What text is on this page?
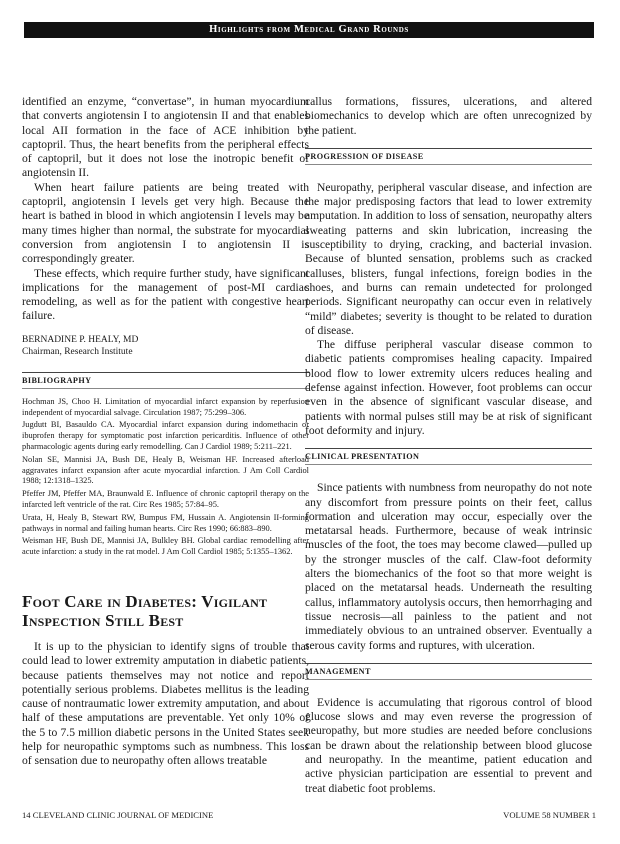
Highlights from Medical Grand Rounds

identified an enzyme, “convertase”, in human myocardium that converts angiotensin I to angiotensin II and that enables local AII formation in the face of ACE inhibition by captopril. Thus, the heart benefits from the peripheral effects of captopril, but it does not lose the inotropic benefit of angiotensin II.

When heart failure patients are being treated with captopril, angiotensin I levels get very high. Because the heart is bathed in blood in which angiotensin I levels may be many times higher than normal, the substrate for myocardial conversion from angiotensin I to angiotensin II is correspondingly greater.

These effects, which require further study, have significant implications for the management of post-MI cardiac remodeling, as well as for the patient with congestive heart failure.

BERNADINE P. HEALY, MD
Chairman, Research Institute
BIBLIOGRAPHY
Hochman JS, Choo H. Limitation of myocardial infarct expansion by reperfusion independent of myocardial salvage. Circulation 1987; 75:299–306.
Jugdutt BI, Basauldo CA. Myocardial infarct expansion during indomethacin or ibuprofen therapy for symptomatic post infarction pericarditis. Influence of other pharmacologic agents during early remodelling. Can J Cardiol 1989; 5:211–221.
Nolan SE, Mannisi JA, Bush DE, Healy B, Weisman HF. Increased afterload aggravates infarct expansion after acute myocardial infarction. J Am Coll Cardiol 1988; 12:1318–1325.
Pfeffer JM, Pfeffer MA, Braunwald E. Influence of chronic captopril therapy on the infarcted left ventricle of the rat. Circ Res 1985; 57:84–95.
Urata, H, Healy B, Stewart RW, Bumpus FM, Hussain A. Angiotensin II-forming pathways in normal and failing human hearts. Circ Res 1990; 66:883–890.
Weisman HF, Bush DE, Mannisi JA, Bulkley BH. Global cardiac remodelling after acute infarction: a study in the rat model. J Am Coll Cardiol 1985; 5:1355–1362.
Foot Care in Diabetes: Vigilant
Inspection Still Best

It is up to the physician to identify signs of trouble that could lead to lower extremity amputation in diabetic patients, because patients themselves may not notice and report potentially serious problems. Diabetes mellitus is the leading cause of nontraumatic lower extremity amputation, and about half of these amputations are preventable. Yet only 10% of the 5 to 7.5 million diabetic persons in the United States seek help for neuropathic symptoms such as numbness. This loss of sensation due to neuropathy often allows treatable

callus formations, fissures, ulcerations, and altered biomechanics to develop which are often unrecognized by the patient.

PROGRESSION OF DISEASE

Neuropathy, peripheral vascular disease, and infection are the major predisposing factors that lead to lower extremity amputation. In addition to loss of sensation, neuropathy alters sweating patterns and skin lubrication, increasing the susceptibility to drying, cracking, and bacterial invasion. Because of blunted sensation, problems such as cracked calluses, blisters, fungal infections, foreign bodies in the shoes, and burns can remain undetected for prolonged periods. Significant neuropathy can occur even in relatively “mild” diabetes; severity is thought to be related to duration of disease.

The diffuse peripheral vascular disease common to diabetic patients compromises healing capacity. Impaired blood flow to lower extremity ulcers reduces healing and defense against infection. However, foot problems can occur even in the absence of significant vascular disease, and patients with normal pulses still may be at risk of significant foot deformity and injury.

CLINICAL PRESENTATION

Since patients with numbness from neuropathy do not note any discomfort from pressure points on their feet, callus formation and ulceration may occur, especially over the metatarsal heads. Furthermore, because of weak intrinsic muscles of the foot, the toes may become clawed—pulled up by the stronger muscles of the calf. Claw-foot deformity alters the biomechanics of the foot so that more weight is placed on the metatarsal heads. Underneath the resulting callus, inflammatory autolysis occurs, then hemorrhaging and tissue necrosis—all painless to the patient and not immediately obvious to an untrained observer. Eventually a serous cavity forms and ruptures, with ulceration.

MANAGEMENT

Evidence is accumulating that rigorous control of blood glucose slows and may even reverse the progression of neuropathy, but more studies are needed before conclusions can be drawn about the relationship between blood glucose and neuropathy. In the meantime, patient education and active physician participation are essential to prevent and treat diabetic foot problems.

14 CLEVELAND CLINIC JOURNAL OF MEDICINE	VOLUME 58 NUMBER 1
